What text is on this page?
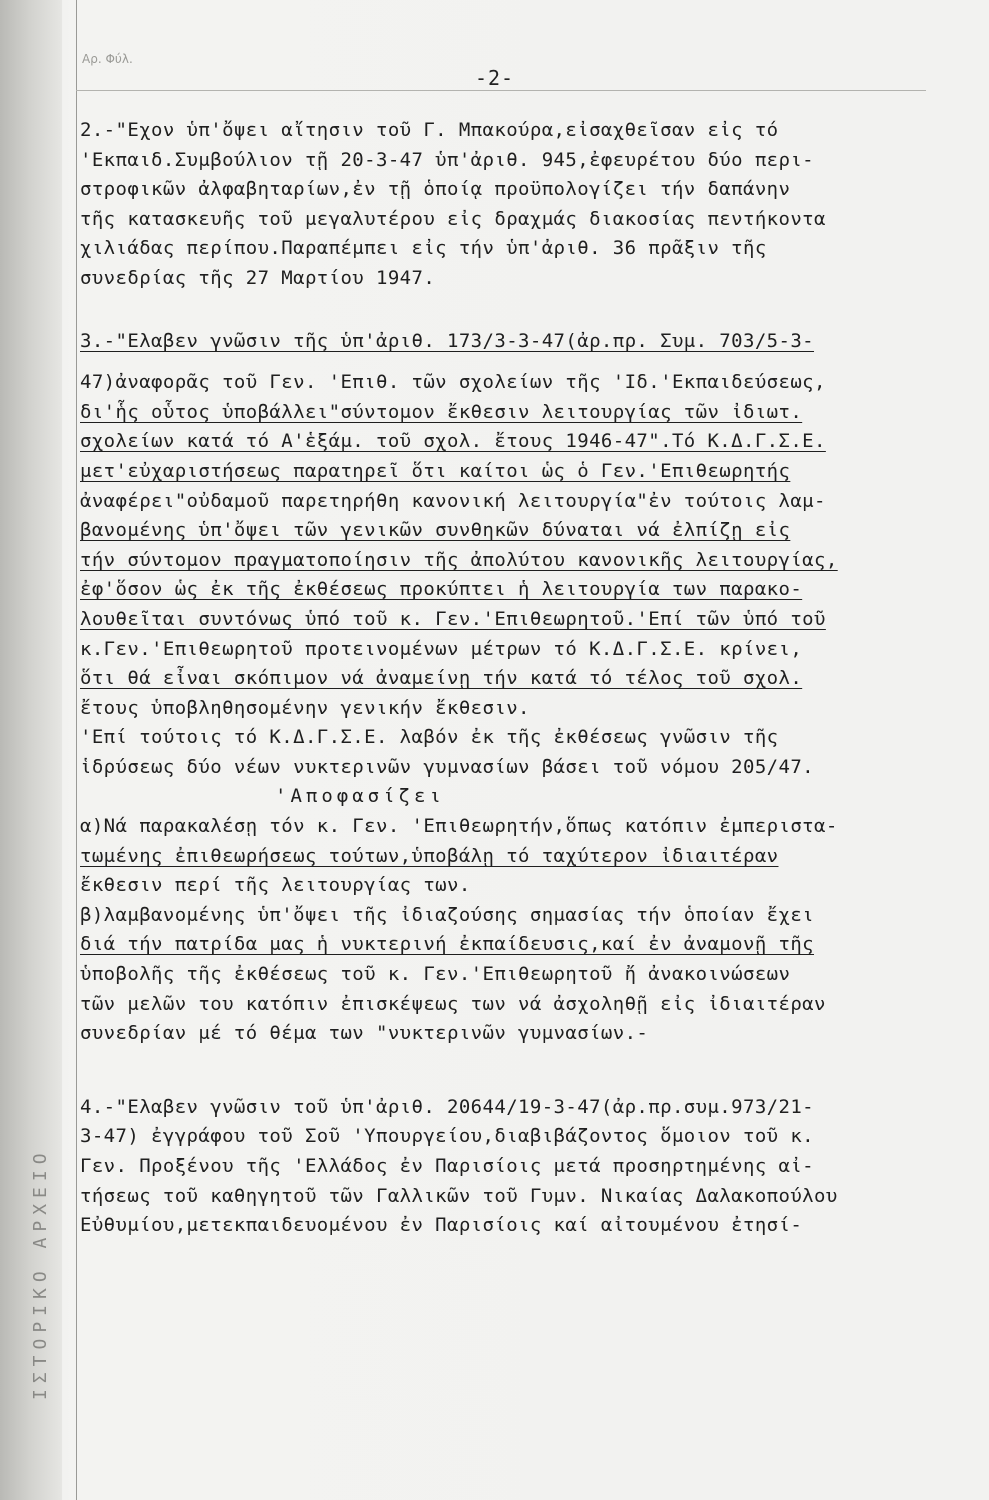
ΙΣΤΟΡΙΚΟ ΑΡΧΕΙΟ
Αρ. Φύλ.
-2-
2.-"Εχον ὑπ'ὄψει αἴτησιν τοῦ Γ. Μπακούρα,εἰσαχθεῖσαν εἰς τό
'Εκπαιδ.Συμβούλιον τῇ 20-3-47 ὑπ'ἀριθ. 945,ἐφευρέτου δύο περι-
στροφικῶν ἀλφαβηταρίων,ἐν τῇ ὁποίᾳ προϋπολογίζει τήν δαπάνην
τῆς κατασκευῆς τοῦ μεγαλυτέρου εἰς δραχμάς διακοσίας πεντήκοντα
χιλιάδας περίπου.Παραπέμπει εἰς τήν ὑπ'ἀριθ. 36 πρᾶξιν τῆς
συνεδρίας τῆς 27 Μαρτίου 1947.
3.-"Ελαβεν γνῶσιν τῆς ὑπ'ἀριθ. 173/3-3-47(ἀρ.πρ. Συμ. 703/5-3-
47)ἀναφορᾶς τοῦ Γεν. 'Επιθ. τῶν σχολείων τῆς 'Ιδ.'Εκπαιδεύσεως,
δι'ἧς οὗτος ὑποβάλλει"σύντομον ἔκθεσιν λειτουργίας τῶν ἰδιωτ.
σχολείων κατά τό Α'ἑξάμ. τοῦ σχολ. ἔτους 1946-47".Τό Κ.Δ.Γ.Σ.Ε.
μετ'εὐχαριστήσεως παρατηρεῖ ὅτι καίτοι ὡς ὁ Γεν.'Επιθεωρητής
ἀναφέρει"οὐδαμοῦ παρετηρήθη κανονική λειτουργία"ἐν τούτοις λαμ-
βανομένης ὑπ'ὄψει τῶν γενικῶν συνθηκῶν δύναται νά ἐλπίζῃ εἰς
τήν σύντομον πραγματοποίησιν τῆς ἀπολύτου κανονικῆς λειτουργίας,
ἐφ'ὅσον ὡς ἐκ τῆς ἐκθέσεως προκύπτει ἡ λειτουργία των παρακο-
λουθεῖται συντόνως ὑπό τοῦ κ. Γεν.'Επιθεωρητοῦ.'Επί τῶν ὑπό τοῦ
κ.Γεν.'Επιθεωρητοῦ προτεινομένων μέτρων τό Κ.Δ.Γ.Σ.Ε. κρίνει,
ὅτι θά εἶναι σκόπιμον νά ἀναμείνῃ τήν κατά τό τέλος τοῦ σχολ.
ἔτους ὑποβληθησομένην γενικήν ἔκθεσιν.
'Επί τούτοις τό Κ.Δ.Γ.Σ.Ε. λαβόν ἐκ τῆς ἐκθέσεως γνῶσιν τῆς
ἱδρύσεως δύο νέων νυκτερινῶν γυμνασίων βάσει τοῦ νόμου 205/47.
'Αποφασίζει
α)Νά παρακαλέσῃ τόν κ. Γεν. 'Επιθεωρητήν,ὅπως κατόπιν ἐμπεριστα-
τωμένης ἐπιθεωρήσεως τούτων,ὑποβάλῃ τό ταχύτερον ἰδιαιτέραν
ἔκθεσιν περί τῆς λειτουργίας των.
β)λαμβανομένης ὑπ'ὄψει τῆς ἰδιαζούσης σημασίας τήν ὁποίαν ἔχει
διά τήν πατρίδα μας ἡ νυκτερινή ἐκπαίδευσις,καί ἐν ἀναμονῇ τῆς
ὑποβολῆς τῆς ἐκθέσεως τοῦ κ. Γεν.'Επιθεωρητοῦ ἤ ἀνακοινώσεων
τῶν μελῶν του κατόπιν ἐπισκέψεως των νά ἀσχοληθῇ εἰς ἰδιαιτέραν
συνεδρίαν μέ τό θέμα των "νυκτερινῶν γυμνασίων.-
4.-"Ελαβεν γνῶσιν τοῦ ὑπ'ἀριθ. 20644/19-3-47(ἀρ.πρ.συμ.973/21-
3-47) ἐγγράφου τοῦ Σοῦ 'Υπουργείου,διαβιβάζοντος ὅμοιον τοῦ κ.
Γεν. Προξένου τῆς 'Ελλάδος ἐν Παρισίοις μετά προσηρτημένης αἰ-
τήσεως τοῦ καθηγητοῦ τῶν Γαλλικῶν τοῦ Γυμν. Νικαίας Δαλακοπούλου
Εὐθυμίου,μετεκπαιδευομένου ἐν Παρισίοις καί αἰτουμένου ἐτησί-
